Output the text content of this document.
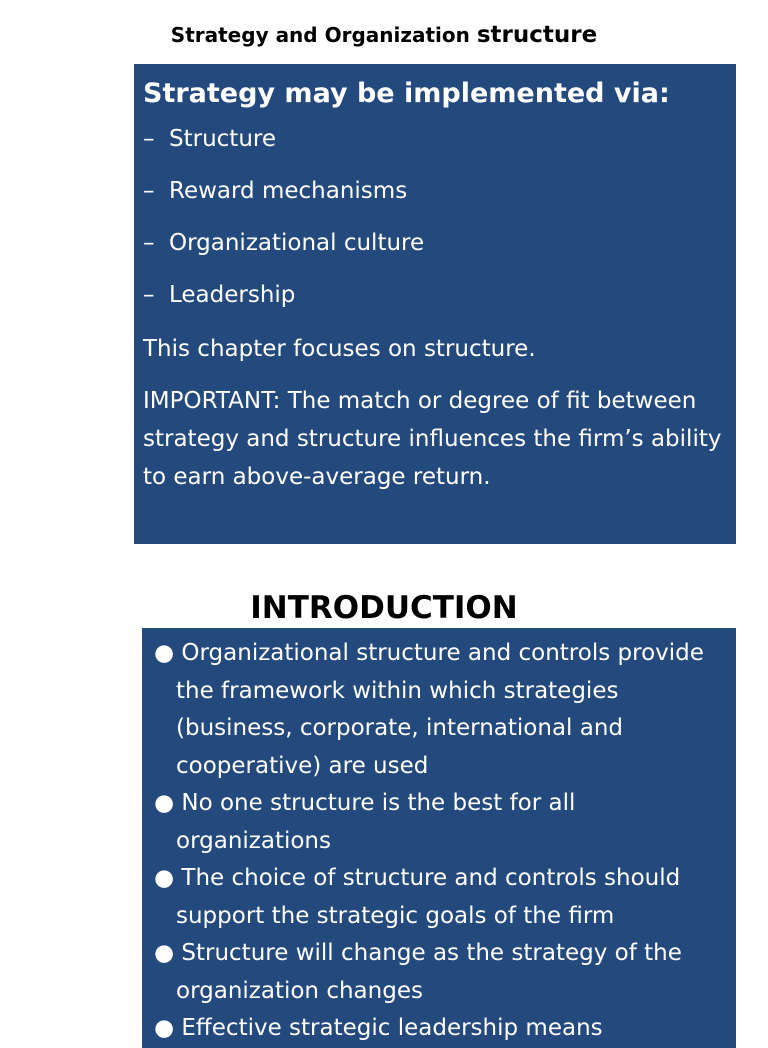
Strategy and Organization structure
Strategy may be implemented via:
– Structure
– Reward mechanisms
– Organizational culture
– Leadership
This chapter focuses on structure.
IMPORTANT: The match or degree of fit between strategy and structure influences the firm’s ability to earn above-average return.
INTRODUCTION
● Organizational structure and controls provide the framework within which strategies (business, corporate, international and cooperative) are used
● No one structure is the best for all organizations
● The choice of structure and controls should support the strategic goals of the firm
● Structure will change as the strategy of the organization changes
● Effective strategic leadership means
